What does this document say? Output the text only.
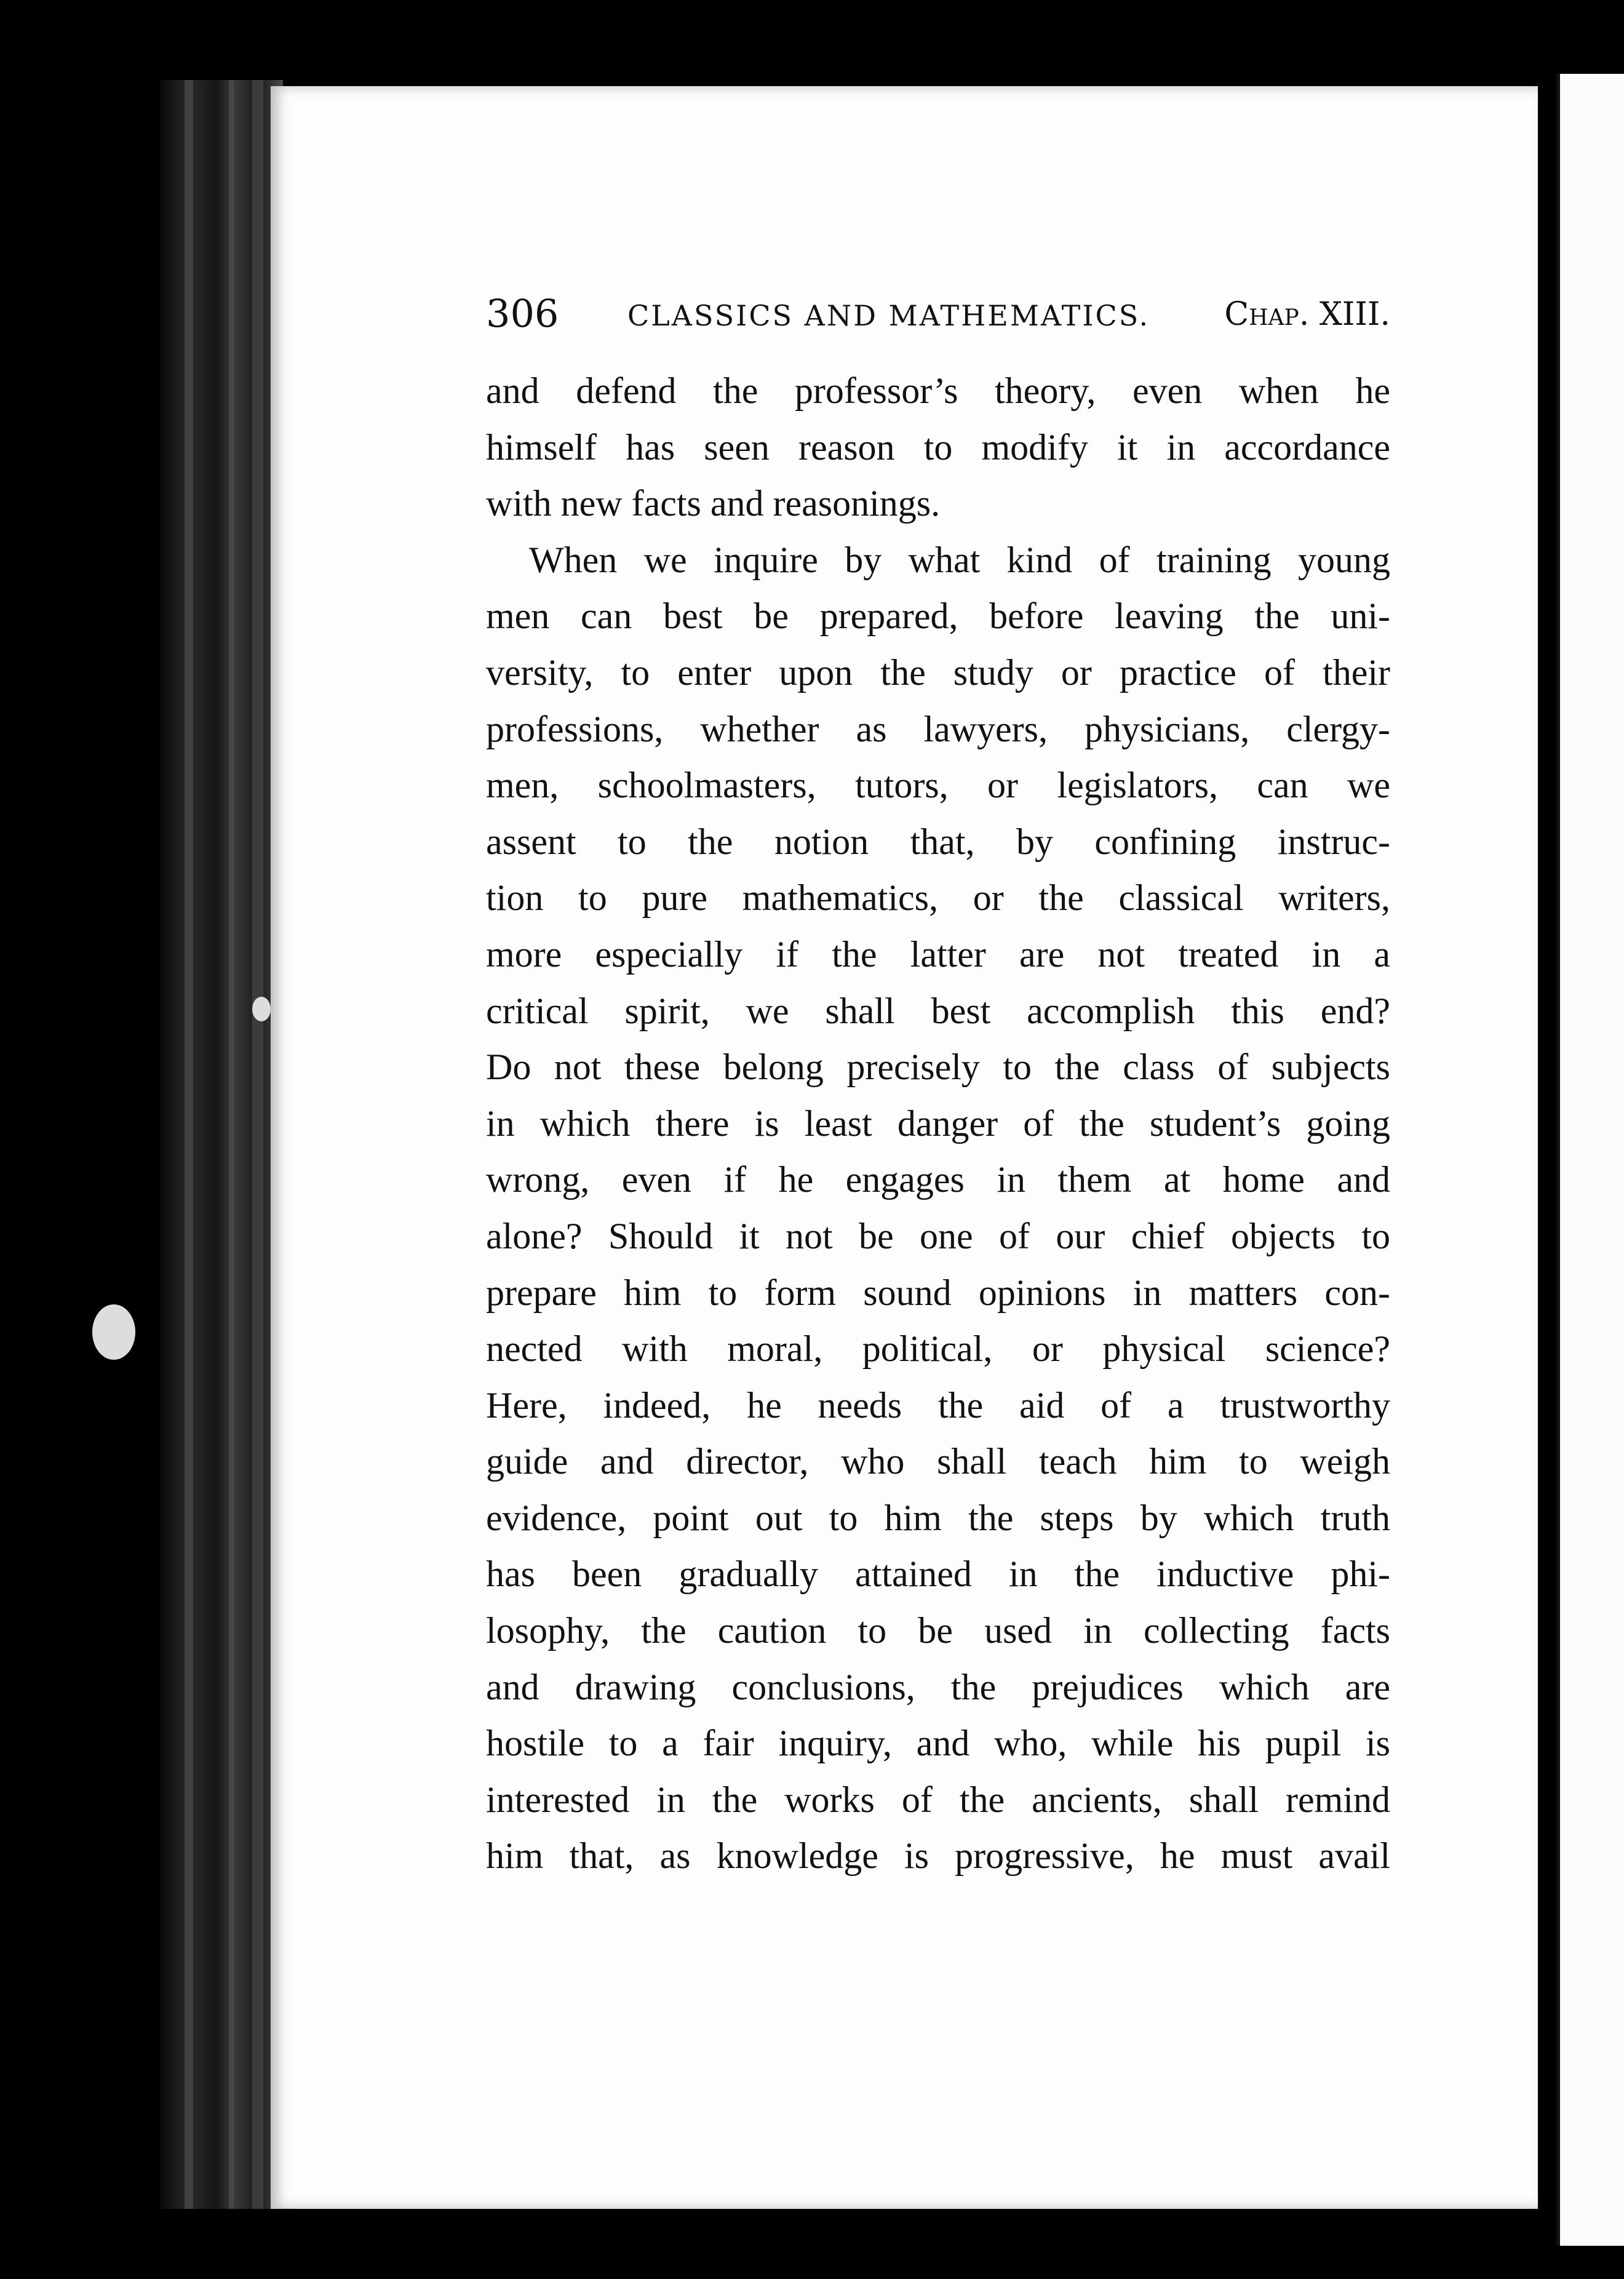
306 CLASSICS AND MATHEMATICS. Chap. XIII.
and defend the professor’s theory, even when he
himself has seen reason to modify it in accordance
with new facts and reasonings.
When we inquire by what kind of training young
men can best be prepared, before leaving the uni-
versity, to enter upon the study or practice of their
professions, whether as lawyers, physicians, clergy-
men, schoolmasters, tutors, or legislators, can we
assent to the notion that, by confining instruc-
tion to pure mathematics, or the classical writers,
more especially if the latter are not treated in a
critical spirit, we shall best accomplish this end?
Do not these belong precisely to the class of subjects
in which there is least danger of the student’s going
wrong, even if he engages in them at home and
alone? Should it not be one of our chief objects to
prepare him to form sound opinions in matters con-
nected with moral, political, or physical science?
Here, indeed, he needs the aid of a trustworthy
guide and director, who shall teach him to weigh
evidence, point out to him the steps by which truth
has been gradually attained in the inductive phi-
losophy, the caution to be used in collecting facts
and drawing conclusions, the prejudices which are
hostile to a fair inquiry, and who, while his pupil is
interested in the works of the ancients, shall remind
him that, as knowledge is progressive, he must avail
